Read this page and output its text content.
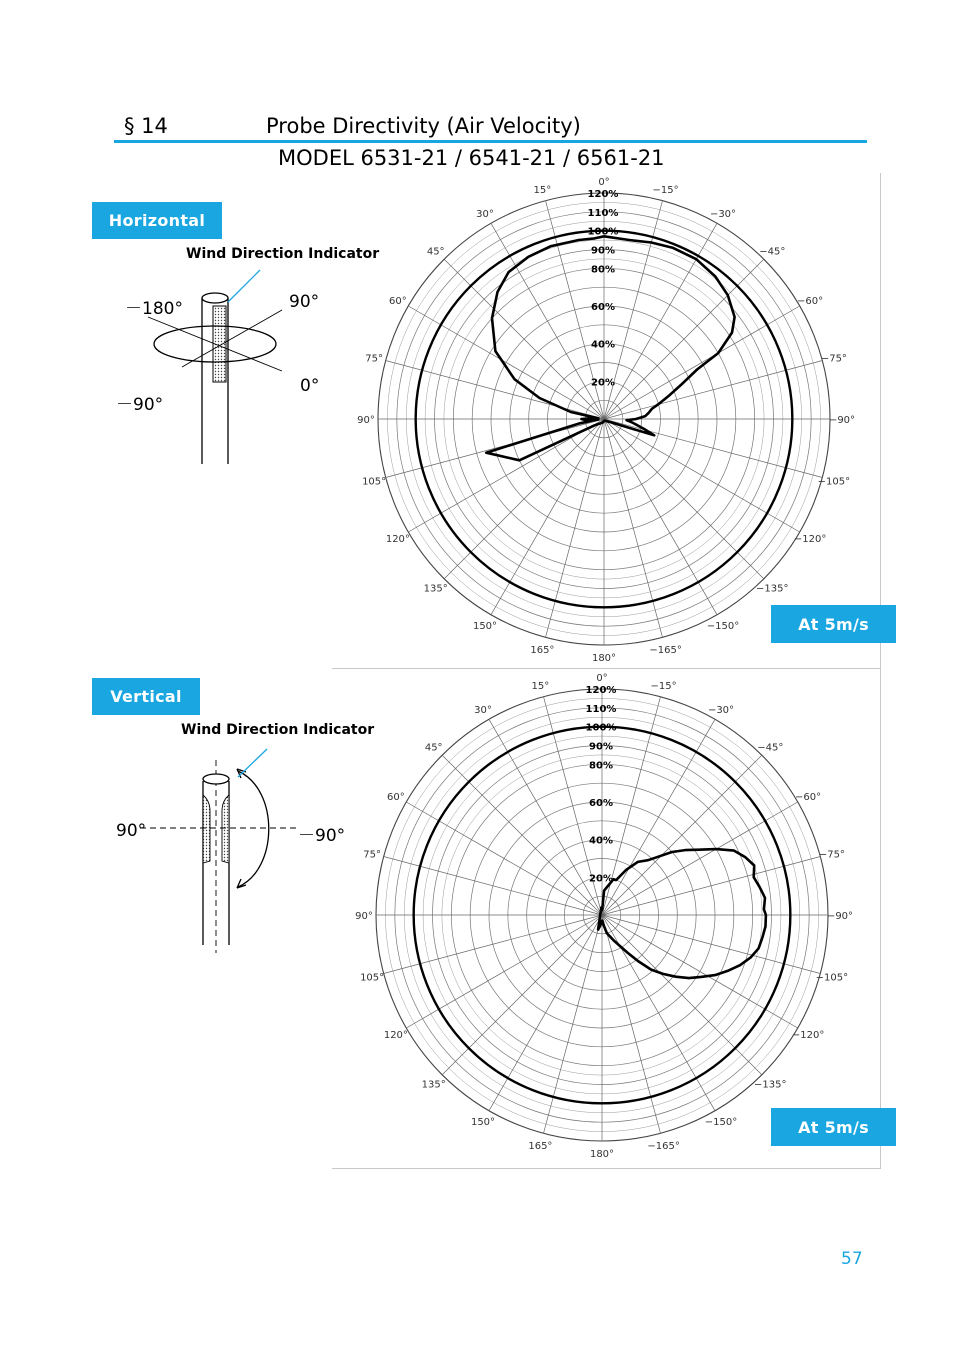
§ 14	Probe Directivity (Air Velocity)
MODEL 6531-21 / 6541-21 / 6561-21
Horizontal
Wind Direction Indicator
－180°	90°
－90°
0°
Vertical
Wind Direction Indicator
90°	－90°
0°
15°
30°
45°
60°
75°
90°
105°
120°
135°
150°
165°
180°
−165°
−150°
−135°
−120°
−105°
−90°
−75°
−60°
−45°
−30°
−15°
20%
40%
60%
80%
90%
100%
110%
120%
0°
15°
30°
45°
60°
75°
90°
105°
120°
135°
150°
165°
180°
−165°
−150°
−135°
−120°
−105°
−90°
−75°
−60°
−45°
−30°
−15°
20%
40%
60%
80%
90%
100%
110%
120%
At 5m/s
At 5m/s
57
